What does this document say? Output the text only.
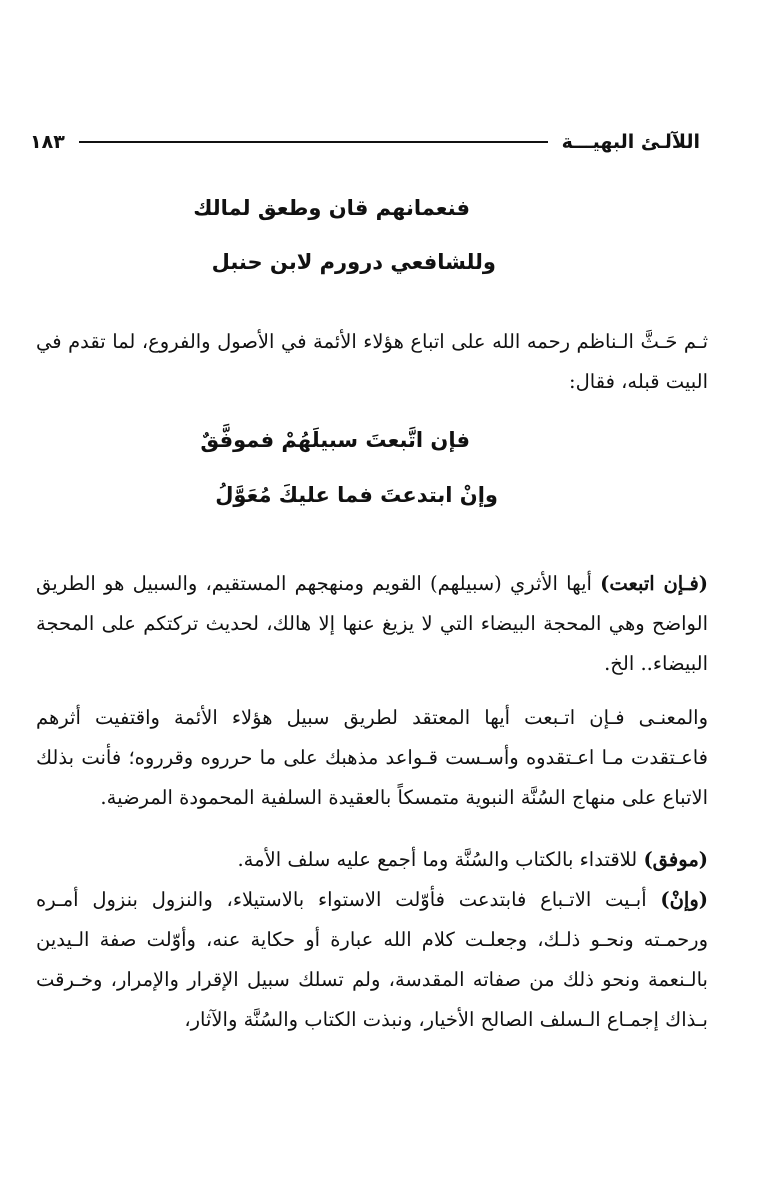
اللآلـئ البهيـــة
١٨٣
فنعمانهم قان وطعق لمالك
وللشافعي درورم لابن حنبل

ثـم حَـثَّ الـناظم رحمه الله على اتباع هؤلاء الأئمة في الأصول والفروع، لما تقدم في البيت قبله، فقال:

فإن اتَّبعتَ سبيلَهُمْ فموفَّقٌ
وإنْ ابتدعتَ فما عليكَ مُعَوَّلُ

(فـإن اتبعت) أيها الأثري (سبيلهم) القويم ومنهجهم المستقيم، والسبيل هو الطريق الواضح وهي المحجة البيضاء التي لا يزيغ عنها إلا هالك، لحديث تركتكم على المحجة البيضاء.. الخ.

والمعنـى فـإن اتـبعت أيها المعتقد لطريق سبيل هؤلاء الأئمة واقتفيت أثرهم فاعـتقدت مـا اعـتقدوه وأسـست قـواعد مذهبك على ما حرروه وقرروه؛ فأنت بذلك الاتباع على منهاج السُنَّة النبوية متمسكاً بالعقيدة السلفية المحمودة المرضية.

(موفق) للاقتداء بالكتاب والسُنَّة وما أجمع عليه سلف الأمة.

(وإنْ) أبـيت الاتـباع فابتدعت فأوّلت الاستواء بالاستيلاء، والنزول بنزول أمـره ورحمـته ونحـو ذلـك، وجعلـت كلام الله عبارة أو حكاية عنه، وأوّلت صفة الـيدين بالـنعمة ونحو ذلك من صفاته المقدسة، ولم تسلك سبيل الإقرار والإمرار، وخـرقت بـذاك إجمـاع الـسلف الصالح الأخيار، ونبذت الكتاب والسُنَّة والآثار،
